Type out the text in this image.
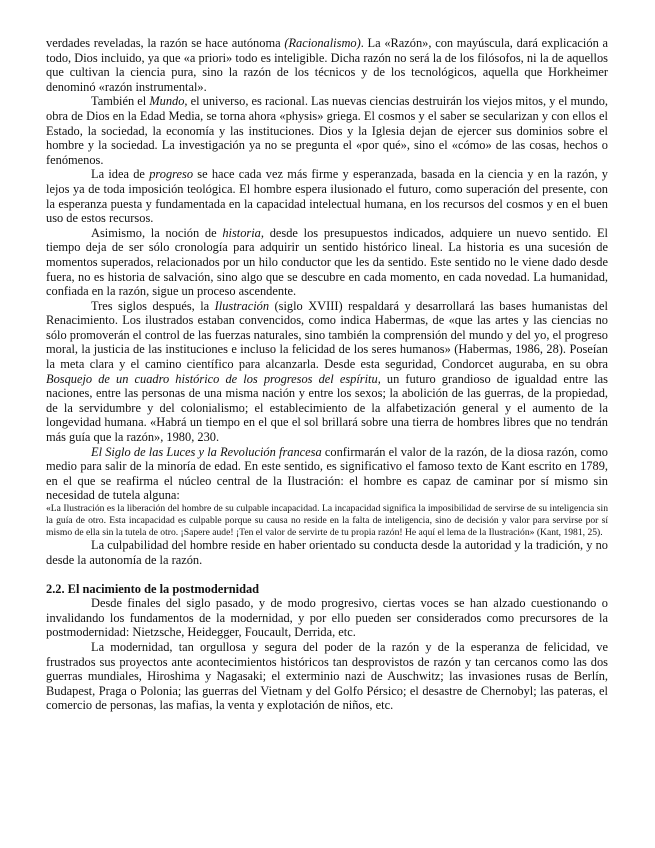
verdades reveladas, la razón se hace autónoma (Racionalismo). La «Razón», con mayúscula, dará explicación a todo, Dios incluido, ya que «a priori» todo es inteligible. Dicha razón no será la de los filósofos, ni la de aquellos que cultivan la ciencia pura, sino la razón de los técnicos y de los tecnológicos, aquella que Horkheimer denominó «razón instrumental».

También el Mundo, el universo, es racional. Las nuevas ciencias destruirán los viejos mitos, y el mundo, obra de Dios en la Edad Media, se torna ahora «physis» griega. El cosmos y el saber se secularizan y con ellos el Estado, la sociedad, la economía y las instituciones. Dios y la Iglesia dejan de ejercer sus dominios sobre el hombre y la sociedad. La investigación ya no se pregunta el «por qué», sino el «cómo» de las cosas, hechos o fenómenos.

La idea de progreso se hace cada vez más firme y esperanzada, basada en la ciencia y en la razón, y lejos ya de toda imposición teológica. El hombre espera ilusionado el futuro, como superación del presente, con la esperanza puesta y fundamentada en la capacidad intelectual humana, en los recursos del cosmos y en el buen uso de estos recursos.

Asimismo, la noción de historia, desde los presupuestos indicados, adquiere un nuevo sentido. El tiempo deja de ser sólo cronología para adquirir un sentido histórico lineal. La historia es una sucesión de momentos superados, relacionados por un hilo conductor que les da sentido. Este sentido no le viene dado desde fuera, no es historia de salvación, sino algo que se descubre en cada momento, en cada novedad. La humanidad, confiada en la razón, sigue un proceso ascendente.

Tres siglos después, la Ilustración (siglo XVIII) respaldará y desarrollará las bases humanistas del Renacimiento. Los ilustrados estaban convencidos, como indica Habermas, de «que las artes y las ciencias no sólo promoverán el control de las fuerzas naturales, sino también la comprensión del mundo y del yo, el progreso moral, la justicia de las instituciones e incluso la felicidad de los seres humanos» (Habermas, 1986, 28). Poseían la meta clara y el camino científico para alcanzarla. Desde esta seguridad, Condorcet auguraba, en su obra Bosquejo de un cuadro histórico de los progresos del espíritu, un futuro grandioso de igualdad entre las naciones, entre las personas de una misma nación y entre los sexos; la abolición de las guerras, de la propiedad, de la servidumbre y del colonialismo; el establecimiento de la alfabetización general y el aumento de la longevidad humana. «Habrá un tiempo en el que el sol brillará sobre una tierra de hombres libres que no tendrán más guía que la razón», 1980, 230.

El Siglo de las Luces y la Revolución francesa confirmarán el valor de la razón, de la diosa razón, como medio para salir de la minoría de edad. En este sentido, es significativo el famoso texto de Kant escrito en 1789, en el que se reafirma el núcleo central de la Ilustración: el hombre es capaz de caminar por sí mismo sin necesidad de tutela alguna:

«La Ilustración es la liberación del hombre de su culpable incapacidad. La incapacidad significa la imposibilidad de servirse de su inteligencia sin la guía de otro. Esta incapacidad es culpable porque su causa no reside en la falta de inteligencia, sino de decisión y valor para servirse por sí mismo de ella sin la tutela de otro. ¡Sapere aude! ¡Ten el valor de servirte de tu propia razón! He aquí el lema de la Ilustración» (Kant, 1981, 25).

La culpabilidad del hombre reside en haber orientado su conducta desde la autoridad y la tradición, y no desde la autonomía de la razón.

2.2. El nacimiento de la postmodernidad

Desde finales del siglo pasado, y de modo progresivo, ciertas voces se han alzado cuestionando o invalidando los fundamentos de la modernidad, y por ello pueden ser considerados como precursores de la postmodernidad: Nietzsche, Heidegger, Foucault, Derrida, etc.

La modernidad, tan orgullosa y segura del poder de la razón y de la esperanza de felicidad, ve frustrados sus proyectos ante acontecimientos históricos tan desprovistos de razón y tan cercanos como las dos guerras mundiales, Hiroshima y Nagasaki; el exterminio nazi de Auschwitz; las invasiones rusas de Berlín, Budapest, Praga o Polonia; las guerras del Vietnam y del Golfo Pérsico; el desastre de Chernobyl; las pateras, el comercio de personas, las mafias, la venta y explotación de niños, etc.
